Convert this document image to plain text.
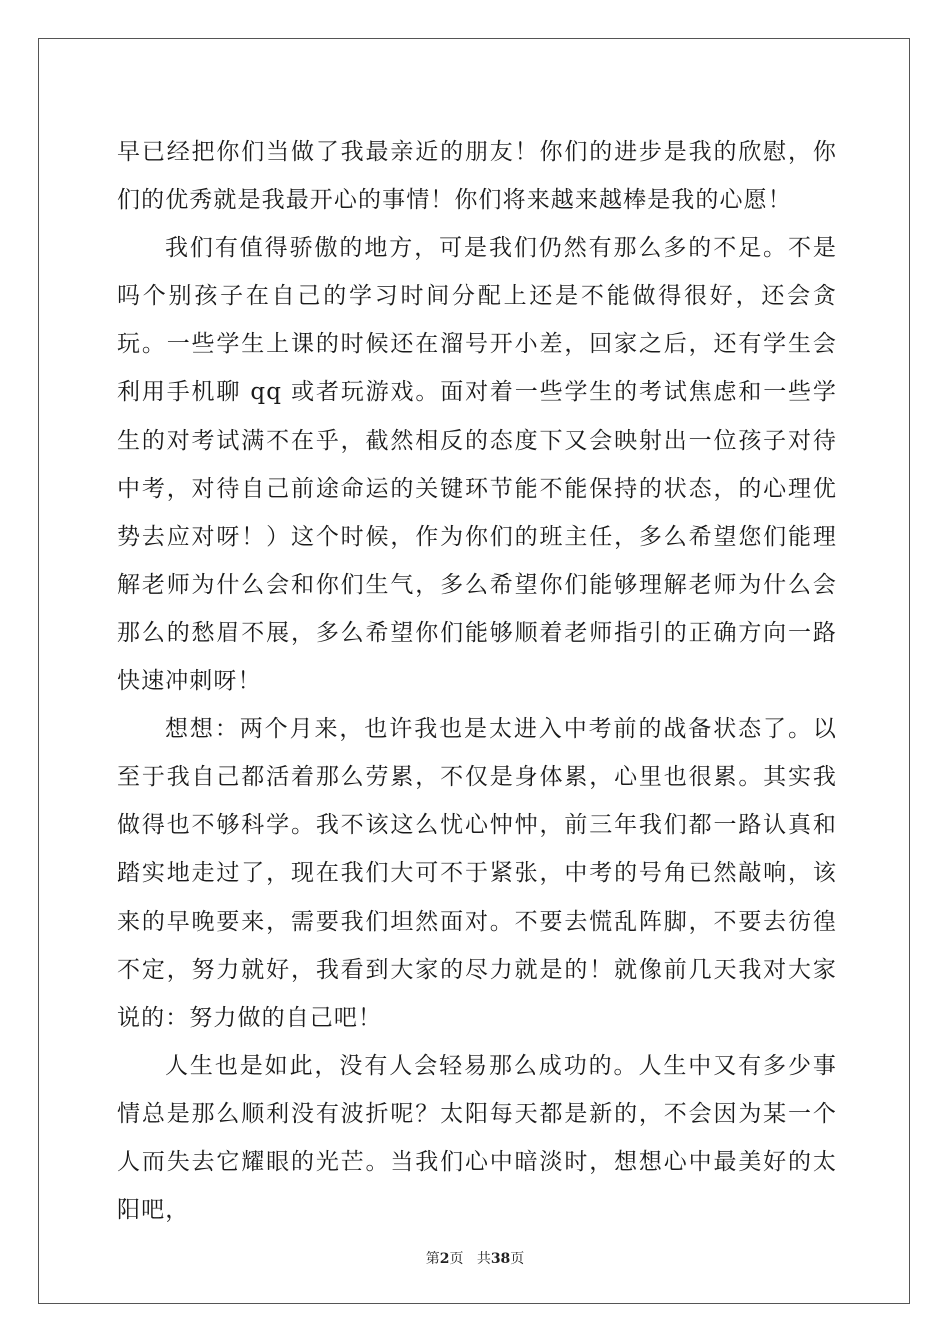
早已经把你们当做了我最亲近的朋友！你们的进步是我的欣慰，你们的优秀就是我最开心的事情！你们将来越来越棒是我的心愿！

我们有值得骄傲的地方，可是我们仍然有那么多的不足。不是吗个别孩子在自己的学习时间分配上还是不能做得很好，还会贪玩。一些学生上课的时候还在溜号开小差，回家之后，还有学生会利用手机聊 qq 或者玩游戏。面对着一些学生的考试焦虑和一些学生的对考试满不在乎，截然相反的态度下又会映射出一位孩子对待中考，对待自己前途命运的关键环节能不能保持的状态，的心理优势去应对呀！）这个时候，作为你们的班主任，多么希望您们能理解老师为什么会和你们生气，多么希望你们能够理解老师为什么会那么的愁眉不展，多么希望你们能够顺着老师指引的正确方向一路快速冲刺呀！

想想：两个月来，也许我也是太进入中考前的战备状态了。以至于我自己都活着那么劳累，不仅是身体累，心里也很累。其实我做得也不够科学。我不该这么忧心忡忡，前三年我们都一路认真和踏实地走过了，现在我们大可不于紧张，中考的号角已然敲响，该来的早晚要来，需要我们坦然面对。不要去慌乱阵脚，不要去彷徨不定，努力就好，我看到大家的尽力就是的！就像前几天我对大家说的：努力做的自己吧！

人生也是如此，没有人会轻易那么成功的。人生中又有多少事情总是那么顺利没有波折呢？太阳每天都是新的，不会因为某一个人而失去它耀眼的光芒。当我们心中暗淡时，想想心中最美好的太阳吧，

第2页 共38页
